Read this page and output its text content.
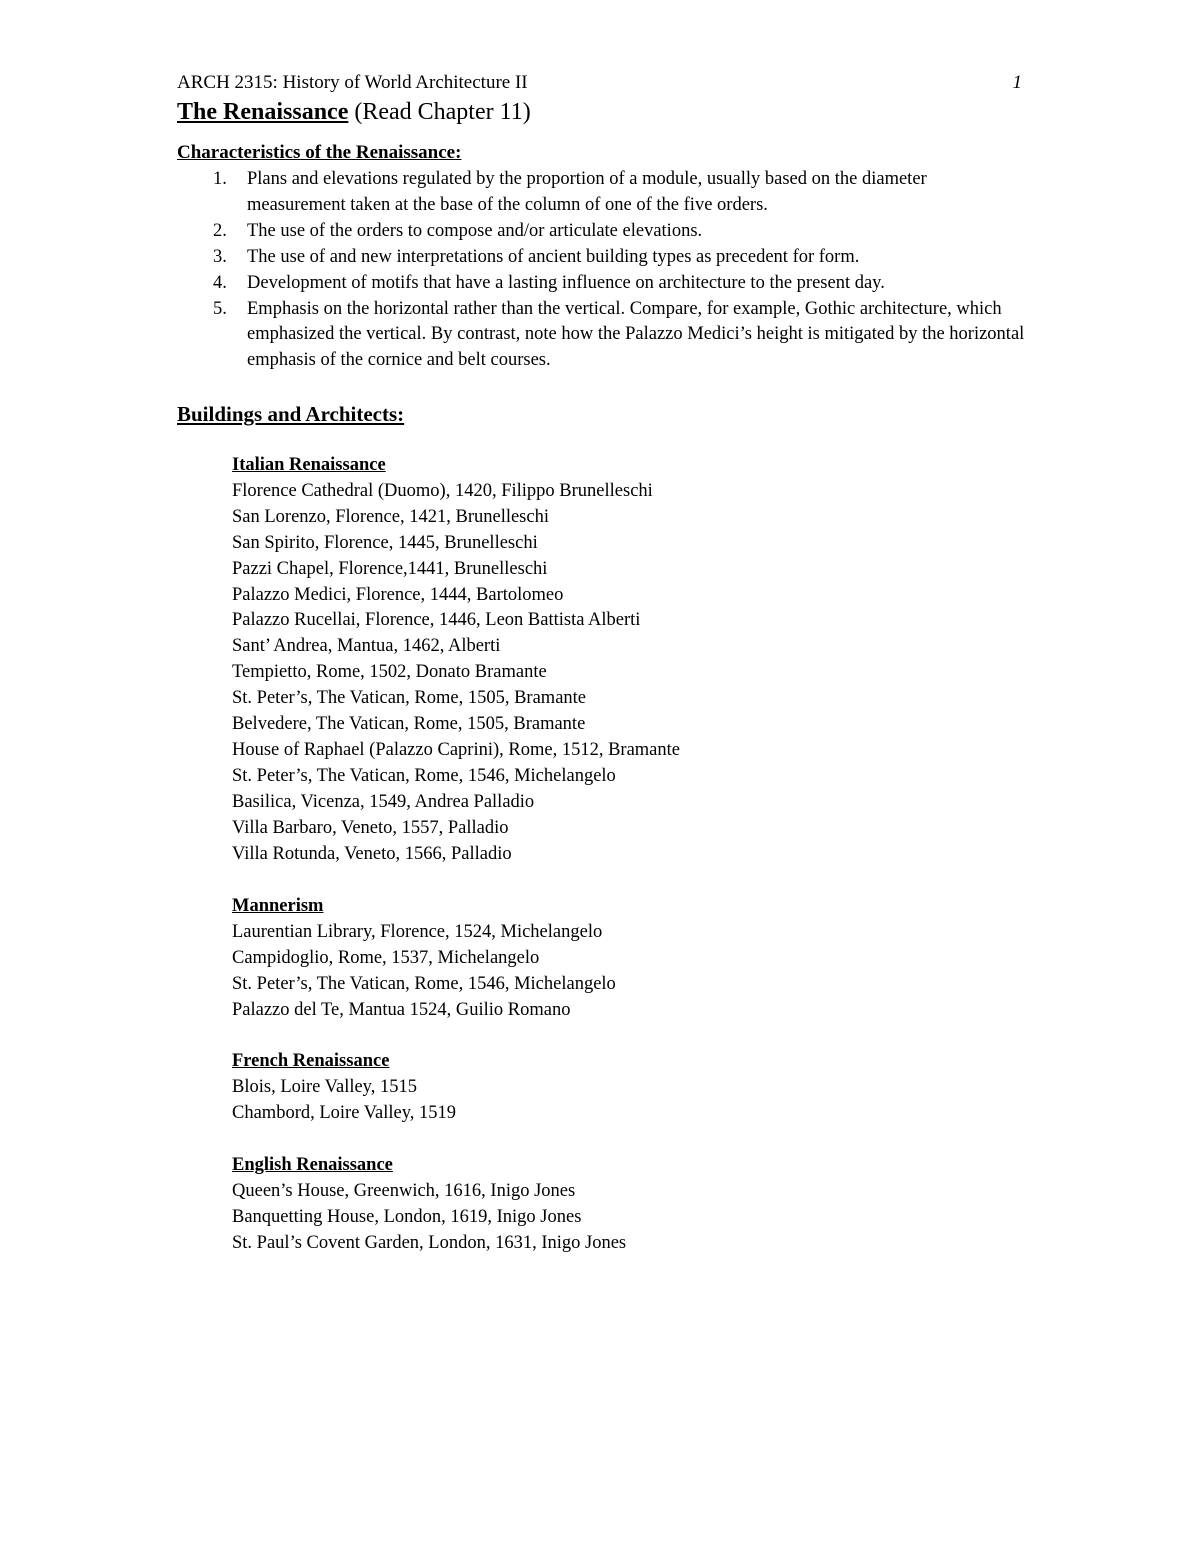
ARCH 2315: History of World Architecture II	1
The Renaissance (Read Chapter 11)
Characteristics of the Renaissance:
1. Plans and elevations regulated by the proportion of a module, usually based on the diameter measurement taken at the base of the column of one of the five orders.
2. The use of the orders to compose and/or articulate elevations.
3. The use of and new interpretations of ancient building types as precedent for form.
4. Development of motifs that have a lasting influence on architecture to the present day.
5. Emphasis on the horizontal rather than the vertical. Compare, for example, Gothic architecture, which emphasized the vertical. By contrast, note how the Palazzo Medici’s height is mitigated by the horizontal emphasis of the cornice and belt courses.
Buildings and Architects:
Italian Renaissance
Florence Cathedral (Duomo), 1420, Filippo Brunelleschi
San Lorenzo, Florence, 1421, Brunelleschi
San Spirito, Florence, 1445, Brunelleschi
Pazzi Chapel, Florence,1441, Brunelleschi
Palazzo Medici, Florence, 1444, Bartolomeo
Palazzo Rucellai, Florence, 1446, Leon Battista Alberti
Sant’ Andrea, Mantua, 1462, Alberti
Tempietto, Rome, 1502, Donato Bramante
St. Peter’s, The Vatican, Rome, 1505, Bramante
Belvedere, The Vatican, Rome, 1505, Bramante
House of Raphael (Palazzo Caprini), Rome, 1512, Bramante
St. Peter’s, The Vatican, Rome, 1546, Michelangelo
Basilica, Vicenza, 1549, Andrea Palladio
Villa Barbaro, Veneto, 1557, Palladio
Villa Rotunda, Veneto, 1566, Palladio
Mannerism
Laurentian Library, Florence, 1524, Michelangelo
Campidoglio, Rome, 1537, Michelangelo
St. Peter’s, The Vatican, Rome, 1546, Michelangelo
Palazzo del Te, Mantua 1524, Guilio Romano
French Renaissance
Blois, Loire Valley, 1515
Chambord, Loire Valley, 1519
English Renaissance
Queen’s House, Greenwich, 1616, Inigo Jones
Banquetting House, London, 1619, Inigo Jones
St. Paul’s Covent Garden, London, 1631, Inigo Jones
